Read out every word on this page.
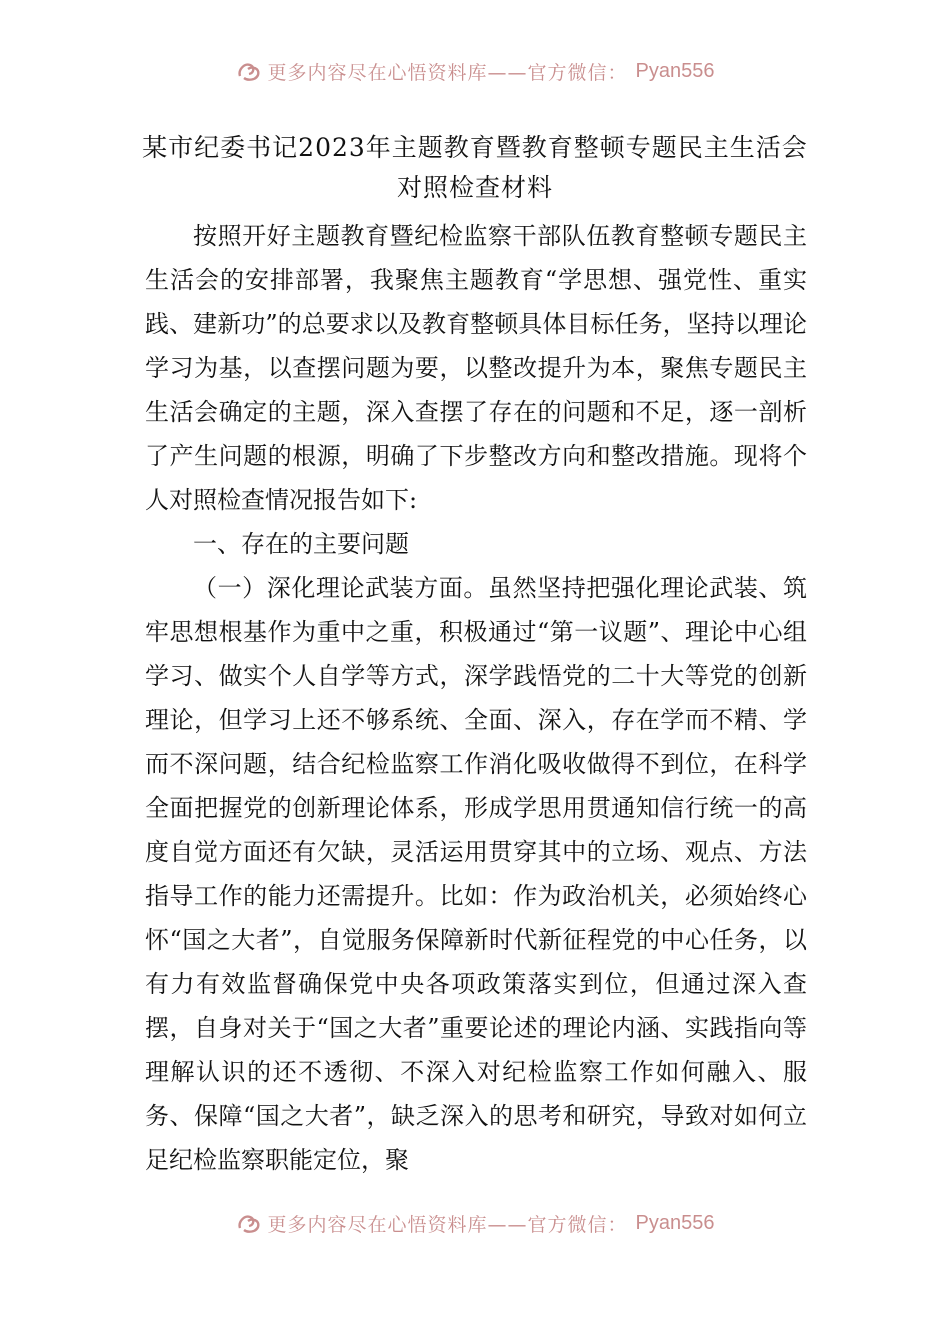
更多内容尽在心悟资料库——官方微信： Pyan556
某市纪委书记2023年主题教育暨教育整顿专题民主生活会对照检查材料

按照开好主题教育暨纪检监察干部队伍教育整顿专题民主生活会的安排部署，我聚焦主题教育“学思想、强党性、重实践、建新功”的总要求以及教育整顿具体目标任务，坚持以理论学习为基，以查摆问题为要，以整改提升为本，聚焦专题民主生活会确定的主题，深入查摆了存在的问题和不足，逐一剖析了产生问题的根源，明确了下步整改方向和整改措施。现将个人对照检查情况报告如下:

一、存在的主要问题

（一）深化理论武装方面。虽然坚持把强化理论武装、筑牢思想根基作为重中之重，积极通过“第一议题”、理论中心组学习、做实个人自学等方式，深学践悟党的二十大等党的创新理论，但学习上还不够系统、全面、深入，存在学而不精、学而不深问题，结合纪检监察工作消化吸收做得不到位，在科学全面把握党的创新理论体系，形成学思用贯通知信行统一的高度自觉方面还有欠缺，灵活运用贯穿其中的立场、观点、方法指导工作的能力还需提升。比如：作为政治机关，必须始终心怀“国之大者”，自觉服务保障新时代新征程党的中心任务，以有力有效监督确保党中央各项政策落实到位，但通过深入查摆，自身对关于“国之大者”重要论述的理论内涵、实践指向等理解认识的还不透彻、不深入对纪检监察工作如何融入、服务、保障“国之大者”，缺乏深入的思考和研究，导致对如何立足纪检监察职能定位，聚

更多内容尽在心悟资料库——官方微信： Pyan556
